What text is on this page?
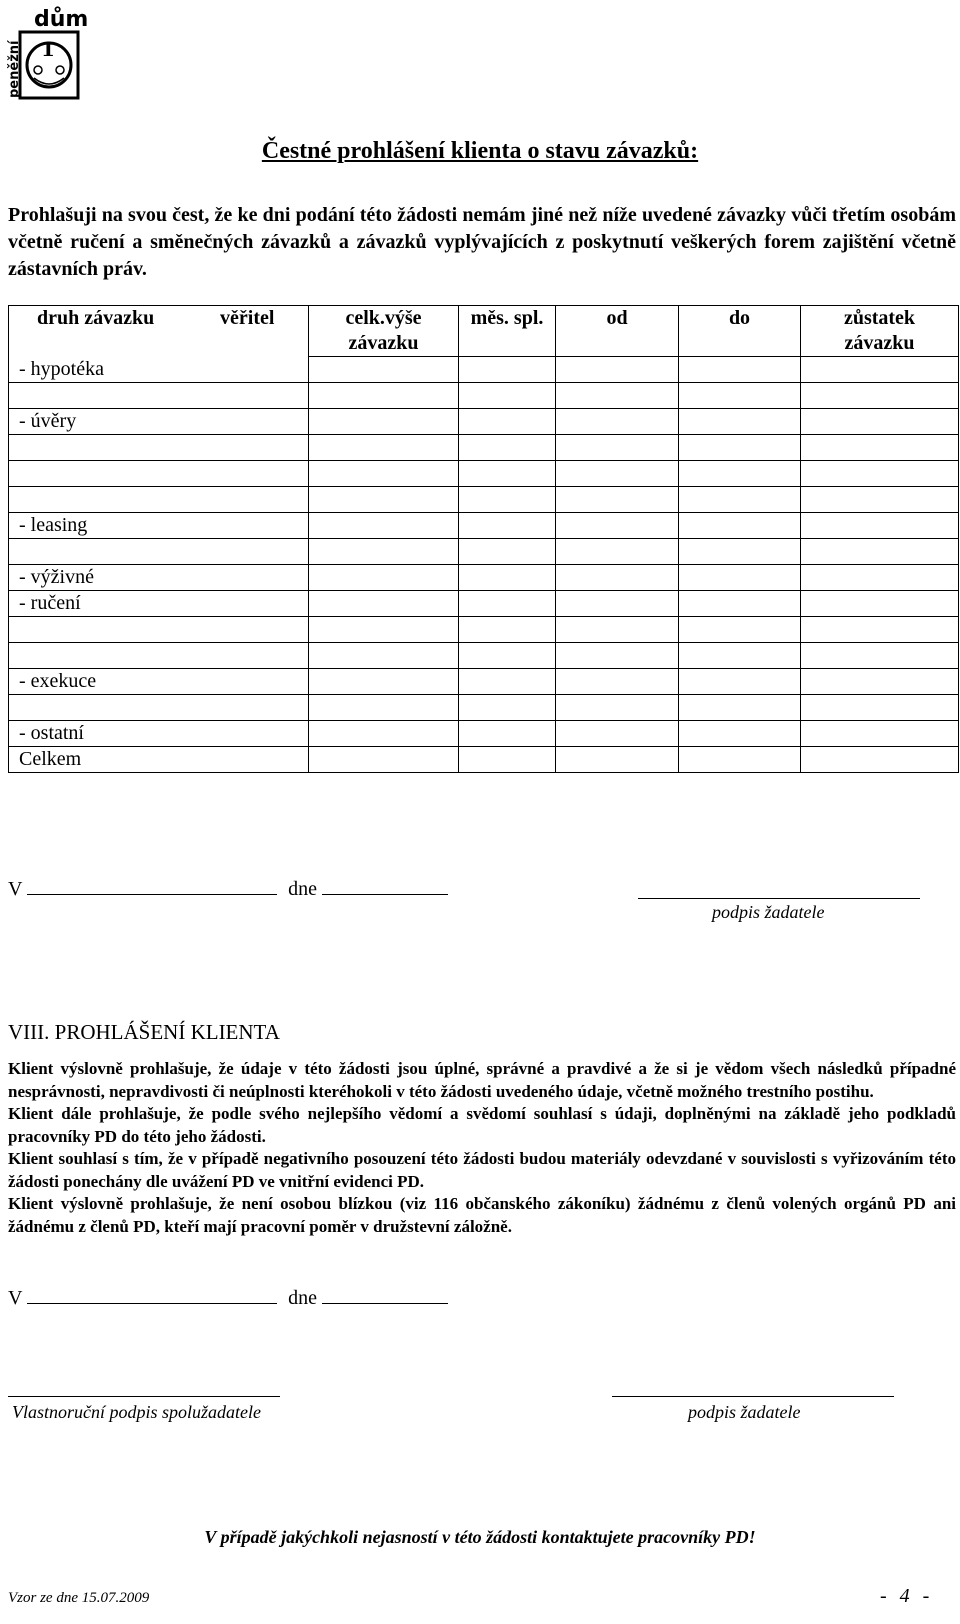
dům
peněžní 1
Čestné prohlášení klienta o stavu závazků:
Prohlašuji na svou čest, že ke dni podání této žádosti nemám jiné než níže uvedené závazky vůči třetím osobám včetně ručení a směnečných závazků a závazků vyplývajících z poskytnutí veškerých forem zajištění včetně zástavních práv.
druh závazku	věřitel	celk.výše	měs. spl.	od	do	zůstatek
		závazku				závazku
- hypotéka						

- úvěry						

- leasing						

- výživné						
- ručení						

- exekuce						

- ostatní						
Celkem						
V	dne
podpis žadatele
VIII. PROHLÁŠENÍ KLIENTA

Klient výslovně prohlašuje, že údaje v této žádosti jsou úplné, správné a pravdivé a že si je vědom všech následků případné nesprávnosti, nepravdivosti či neúplnosti kteréhokoli v této žádosti uvedeného údaje, včetně možného trestního postihu.

Klient dále prohlašuje, že podle svého nejlepšího vědomí a svědomí souhlasí s údaji, doplněnými na základě jeho podkladů pracovníky PD do této jeho žádosti.

Klient souhlasí s tím, že v případě negativního posouzení této žádosti budou materiály odevzdané v souvislosti s vyřizováním této žádosti ponechány dle uvážení PD ve vnitřní evidenci PD.

Klient výslovně prohlašuje, že není osobou blízkou (viz 116 občanského zákoníku) žádnému z členů volených orgánů PD ani žádnému z členů PD, kteří mají pracovní poměr v družstevní záložně.

V	dne
Vlastnoruční podpis spolužadatele	podpis žadatele
V případě jakýchkoli nejasností v této žádosti kontaktujete pracovníky PD!
Vzor ze dne 15.07.2009	- 4 -
